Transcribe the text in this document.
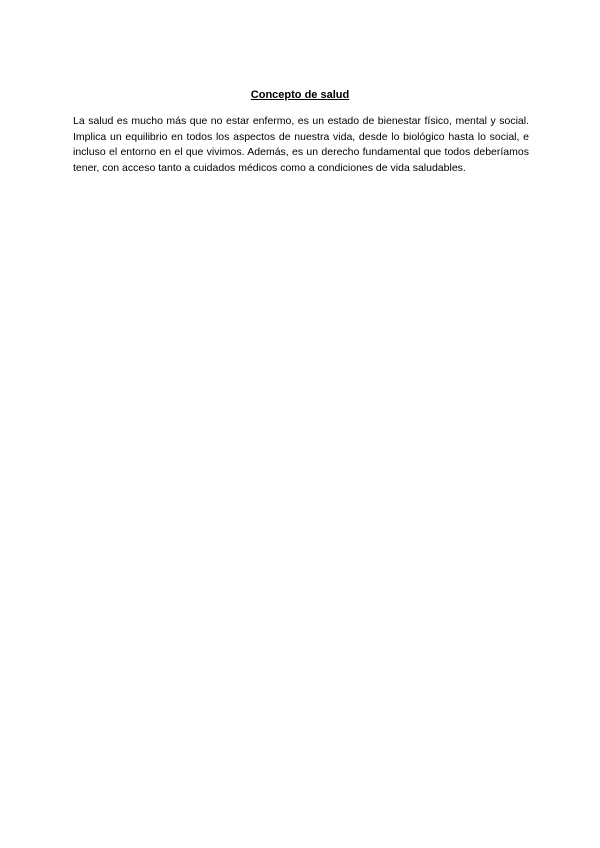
Concepto de salud

La salud es mucho más que no estar enfermo, es un estado de bienestar físico, mental y social. Implica un equilibrio en todos los aspectos de nuestra vida, desde lo biológico hasta lo social, e incluso el entorno en el que vivimos. Además, es un derecho fundamental que todos deberíamos tener, con acceso tanto a cuidados médicos como a condiciones de vida saludables.
